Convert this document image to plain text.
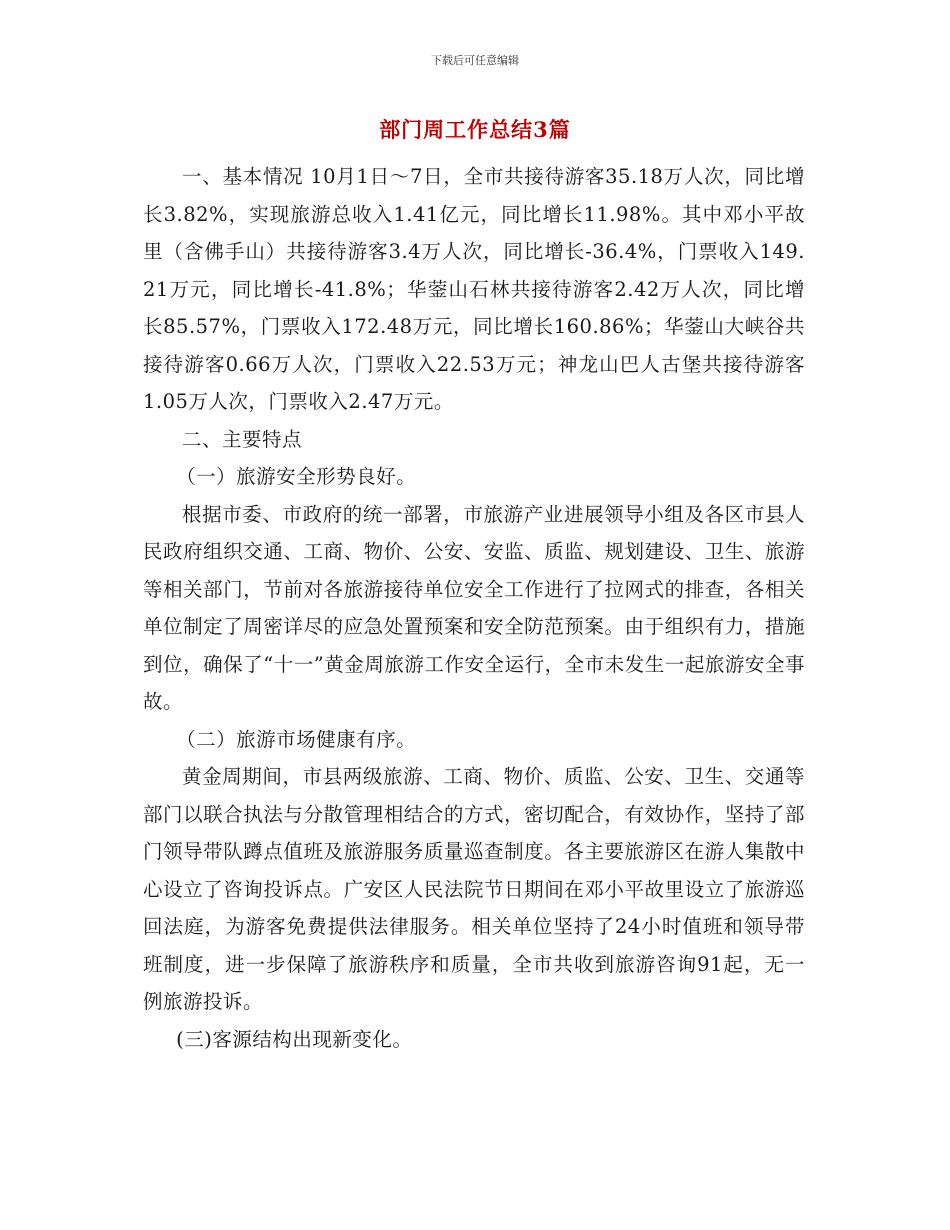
下载后可任意编辑
部门周工作总结3篇

一、基本情况 10月1日～7日，全市共接待游客35.18万人次，同比增长3.82%，实现旅游总收入1.41亿元，同比增长11.98%。其中邓小平故里（含佛手山）共接待游客3.4万人次，同比增长-36.4%，门票收入149.21万元，同比增长-41.8%；华蓥山石林共接待游客2.42万人次，同比增长85.57%，门票收入172.48万元，同比增长160.86%；华蓥山大峡谷共接待游客0.66万人次，门票收入22.53万元；神龙山巴人古堡共接待游客1.05万人次，门票收入2.47万元。

二、主要特点

（一）旅游安全形势良好。

根据市委、市政府的统一部署，市旅游产业进展领导小组及各区市县人民政府组织交通、工商、物价、公安、安监、质监、规划建设、卫生、旅游等相关部门，节前对各旅游接待单位安全工作进行了拉网式的排查，各相关单位制定了周密详尽的应急处置预案和安全防范预案。由于组织有力，措施到位，确保了“十一”黄金周旅游工作安全运行，全市未发生一起旅游安全事故。

（二）旅游市场健康有序。

黄金周期间，市县两级旅游、工商、物价、质监、公安、卫生、交通等部门以联合执法与分散管理相结合的方式，密切配合，有效协作，坚持了部门领导带队蹲点值班及旅游服务质量巡查制度。各主要旅游区在游人集散中心设立了咨询投诉点。广安区人民法院节日期间在邓小平故里设立了旅游巡回法庭，为游客免费提供法律服务。相关单位坚持了24小时值班和领导带班制度，进一步保障了旅游秩序和质量，全市共收到旅游咨询91起，无一例旅游投诉。

(三)客源结构出现新变化。
